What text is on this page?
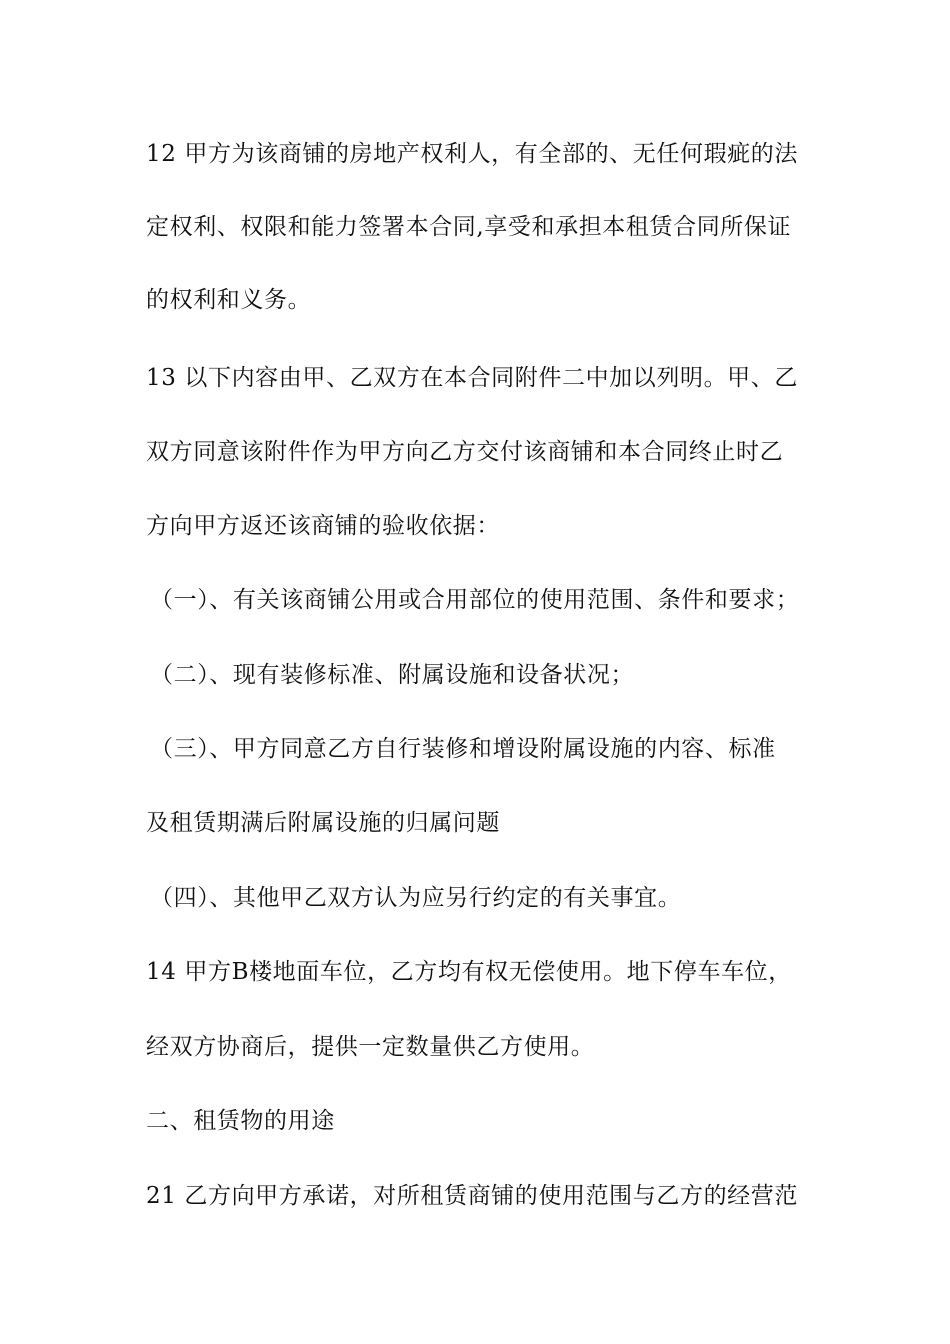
12 甲方为该商铺的房地产权利人，有全部的、无任何瑕疵的法
定权利、权限和能力签署本合同,享受和承担本租赁合同所保证
的权利和义务。
13 以下内容由甲、乙双方在本合同附件二中加以列明。甲、乙
双方同意该附件作为甲方向乙方交付该商铺和本合同终止时乙
方向甲方返还该商铺的验收依据：
（一）、有关该商铺公用或合用部位的使用范围、条件和要求；
（二）、现有装修标准、附属设施和设备状况；
（三）、甲方同意乙方自行装修和增设附属设施的内容、标准
及租赁期满后附属设施的归属问题
（四）、其他甲乙双方认为应另行约定的有关事宜。
14 甲方B楼地面车位，乙方均有权无偿使用。地下停车车位，
经双方协商后，提供一定数量供乙方使用。
二、租赁物的用途
21 乙方向甲方承诺，对所租赁商铺的使用范围与乙方的经营范
